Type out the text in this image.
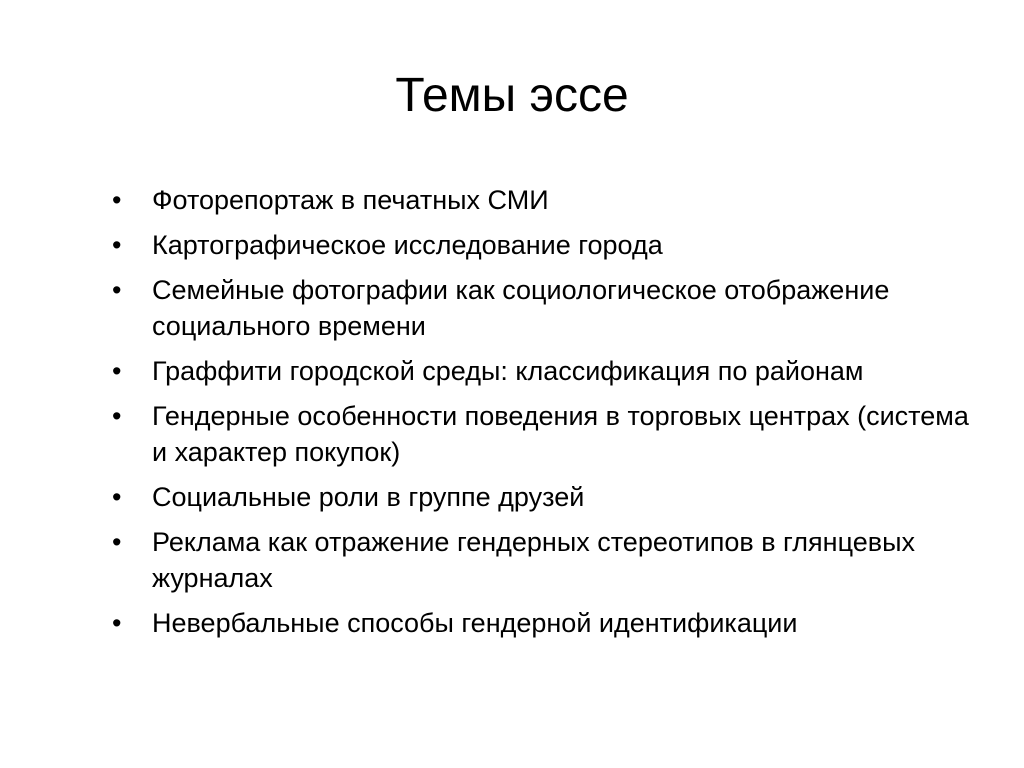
Темы эссе
•	Фоторепортаж в печатных СМИ
•	Картографическое исследование города
•	Семейные фотографии как социологическое отображение социального времени
•	Граффити городской среды: классификация по районам
•	Гендерные особенности поведения в торговых центрах (система и характер покупок)
•	Социальные роли в группе друзей
•	Реклама как отражение гендерных стереотипов в глянцевых журналах
•	Невербальные способы гендерной идентификации
